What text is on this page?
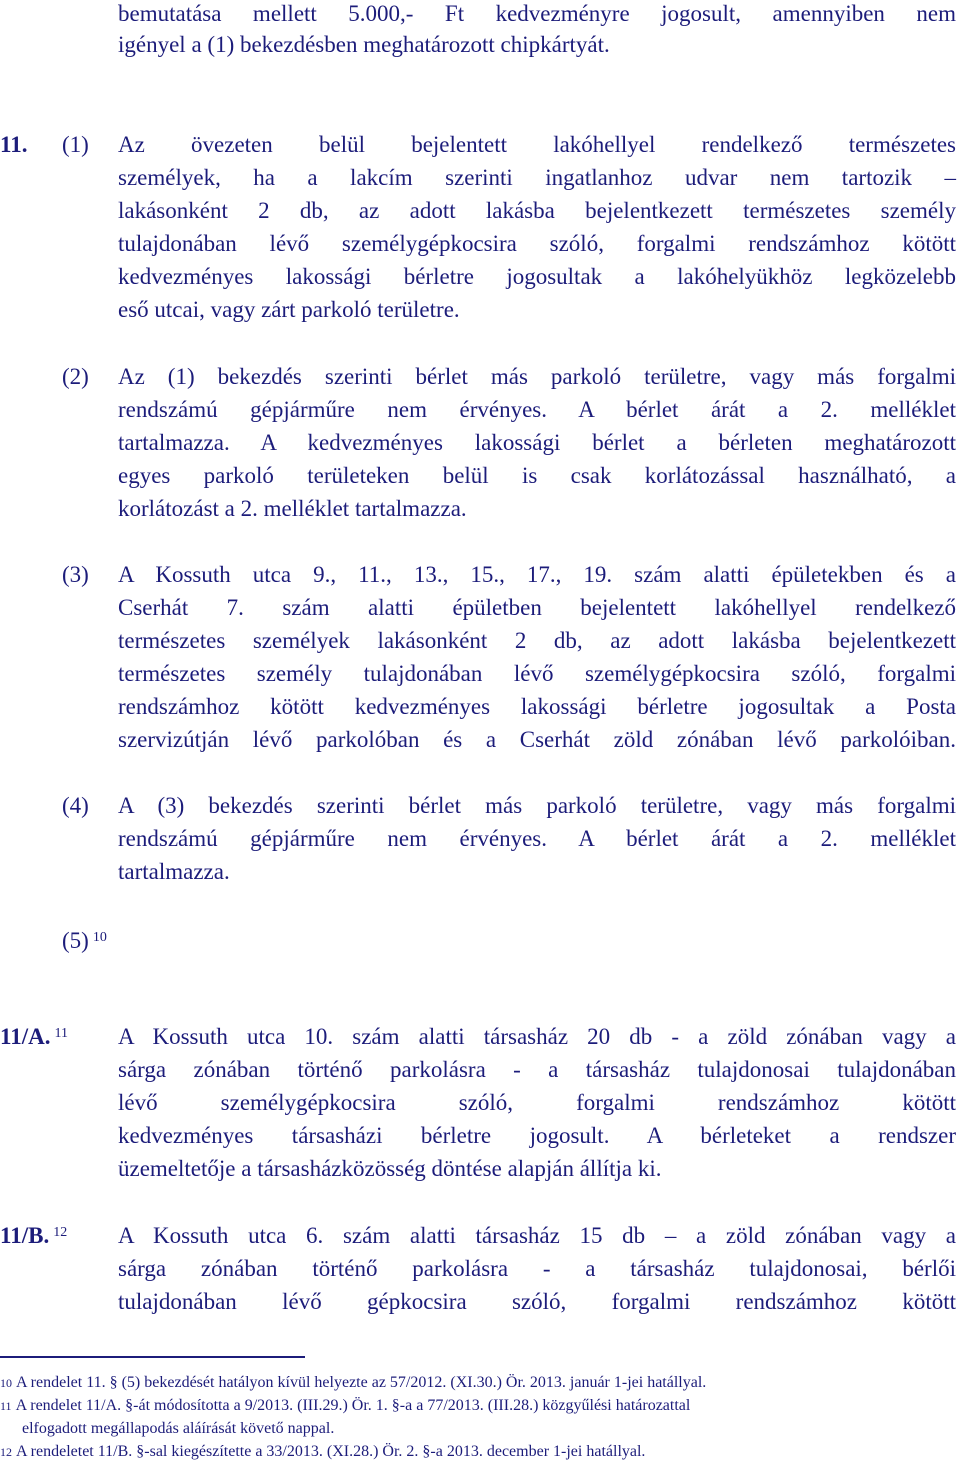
bemutatása mellett 5.000,- Ft kedvezményre jogosult, amennyiben nem
igényel a (1) bekezdésben meghatározott chipkártyát.
11. (1) Az övezeten belül bejelentett lakóhellyel rendelkező természetes
személyek, ha a lakcím szerinti ingatlanhoz udvar nem tartozik –
lakásonként 2 db, az adott lakásba bejelentkezett természetes személy
tulajdonában lévő személygépkocsira szóló, forgalmi rendszámhoz kötött
kedvezményes lakossági bérletre jogosultak a lakóhelyükhöz legközelebb
eső utcai, vagy zárt parkoló területre.
(2) Az (1) bekezdés szerinti bérlet más parkoló területre, vagy más forgalmi
rendszámú gépjárműre nem érvényes. A bérlet árát a 2. melléklet
tartalmazza. A kedvezményes lakossági bérlet a bérleten meghatározott
egyes parkoló területeken belül is csak korlátozással használható, a
korlátozást a 2. melléklet tartalmazza.
(3) A Kossuth utca 9., 11., 13., 15., 17., 19. szám alatti épületekben és a
Cserhát 7. szám alatti épületben bejelentett lakóhellyel rendelkező
természetes személyek lakásonként 2 db, az adott lakásba bejelentkezett
természetes személy tulajdonában lévő személygépkocsira szóló, forgalmi
rendszámhoz kötött kedvezményes lakossági bérletre jogosultak a Posta
szervizútján lévő parkolóban és a Cserhát zöld zónában lévő parkolóiban.
(4) A (3) bekezdés szerinti bérlet más parkoló területre, vagy más forgalmi
rendszámú gépjárműre nem érvényes. A bérlet árát a 2. melléklet
tartalmazza.
(5) $^{10}$
11/A. $^{11}$ A Kossuth utca 10. szám alatti társasház 20 db - a zöld zónában vagy a
sárga zónában történő parkolásra - a társasház tulajdonosai tulajdonában
lévő személygépkocsira szóló, forgalmi rendszámhoz kötött
kedvezményes társasházi bérletre jogosult. A bérleteket a rendszer
üzemeltetője a társasházközösség döntése alapján állítja ki.
11/B. $^{12}$ A Kossuth utca 6. szám alatti társasház 15 db – a zöld zónában vagy a
sárga zónában történő parkolásra - a társasház tulajdonosai, bérlői
tulajdonában lévő gépkocsira szóló, forgalmi rendszámhoz kötött
$^{10}$ A rendelet 11. § (5) bekezdését hatályon kívül helyezte az 57/2012. (XI.30.) Ör. 2013. január 1-jei hatállyal.
$^{11}$ A rendelet 11/A. §-át módosította a 9/2013. (III.29.) Ör. 1. §-a a 77/2013. (III.28.) közgyűlési határozattal
elfogadott megállapodás aláírását követő nappal.
$^{12}$ A rendeletet 11/B. §-sal kiegészítette a 33/2013. (XI.28.) Ör. 2. §-a 2013. december 1-jei hatállyal.
